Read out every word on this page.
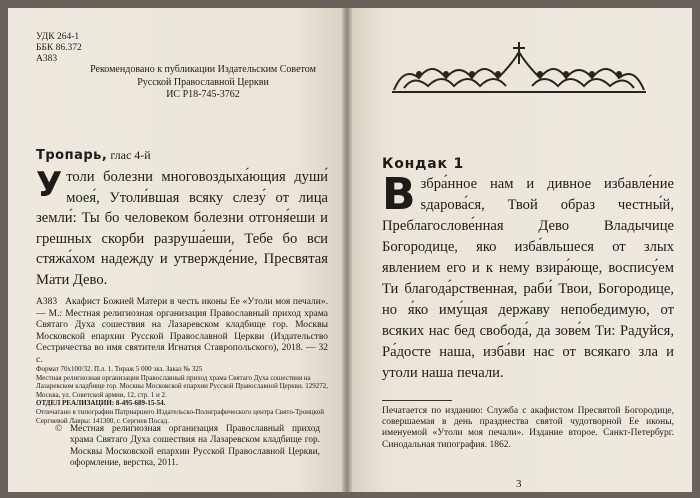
УДК 264-1
ББК 86.372
А383
Рекомендовано к публикации Издательским Советом
Русской Православной Церкви
ИС Р18-745-3762
Тропарь, глас 4-й
Утоли болезни многовоздыха́ющия души́ моея́, Утоли́вшая всяку слезу́ от лица земли́: Ты бо человеком болезни отгоня́еши и грешных скорби разруша́еши, Тебе бо вси стяжа́хом надежду и утвержде́ние, Пресвятая Мати Дево.
А383 Акафист Божией Матери в честь иконы Ее «Утоли моя печали». — М.: Местная религиозная организация Православный приход храма Святаго Духа сошествия на Лазаревском кладбище гор. Москвы Московской епархии Русской Православной Церкви (Издательство Сестричества во имя святителя Игнатия Ставропольского), 2018. — 32 с.
Формат 70х100/32. П.л. 1. Тираж 5 000 экз. Заказ № 325
Местная религиозная организация Православный приход храма Святаго Духа сошествия на Лазаревском кладбище гор. Москвы Московской епархии Русской Православной Церкви. 129272, Москва, ул. Советской армии, 12, стр. 1 и 2.
ОТДЕЛ РЕАЛИЗАЦИИ: 8-495-689-15-54.
Отпечатано в типографии Патриаршего Издательско-Полиграфического центра Свято-Троицкой Сергиевой Лавры: 141300, г. Сергиев Посад.
© Местная религиозная организация Православный приход храма Святаго Духа сошествия на Лазаревском кладбище гор. Москвы Московской епархии Русской Православной Церкви, оформление, верстка, 2011.
Кондак 1
Взбра́нное нам и дивное избавле́ние ѕдарова́ся, Твой образ честны́й, Преблагослове́нная Дево Владычице Богородице, яко изба́вльшеся от злых явлением его и к нему взира́юще, воспису́ем Ти благода́рственная, раби́ Твои, Богородице, но я́ко иму́щая державу непобедимую, от всяких нас бед свобода́, да зове́м Ти: Радуйся, Ра́досте наша, изба́ви нас от всякаго зла и утоли наша печали.
Печатается по изданию: Служба с акафистом Пресвятой Богородице, совершаемая в день празднества святой чудотворной Ее иконы, именуемой «Утоли моя печали». Издание второе. Санкт-Петербург. Синодальная типография. 1862.
3
